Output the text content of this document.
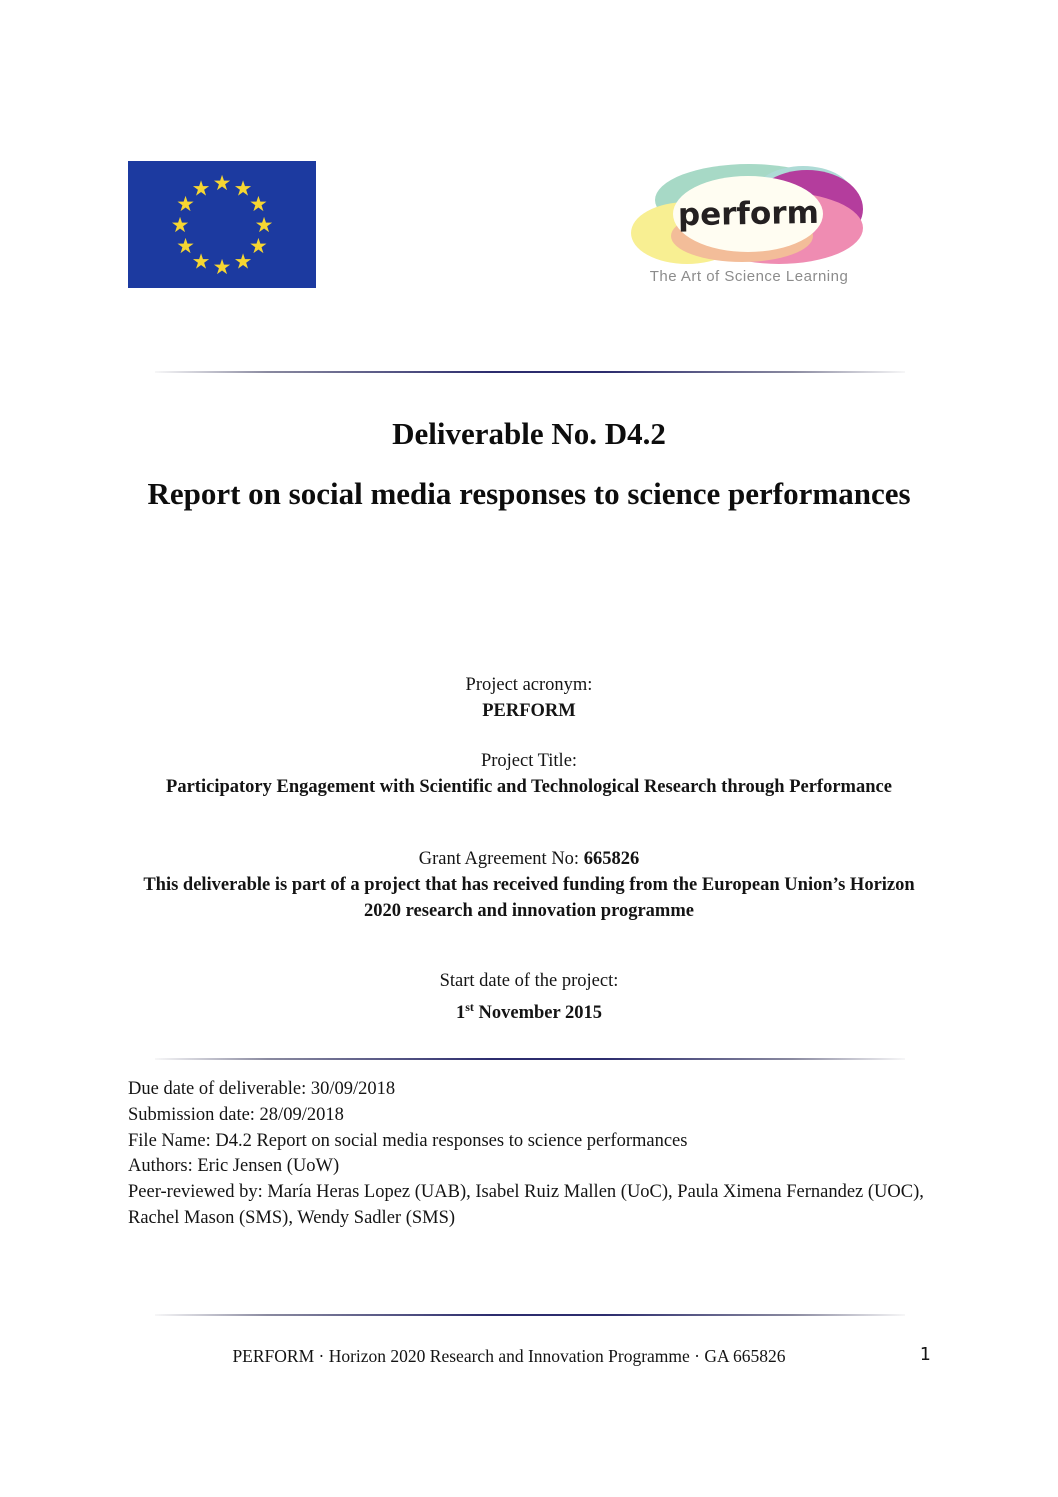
★ ★
★
★
★
★
★
★
★
★
★
★
perform
The Art of Science Learning
Deliverable No. D4.2
Report on social media responses to science performances
Project acronym:
PERFORM
Project Title:
Participatory Engagement with Scientific and Technological Research through Performance
Grant Agreement No: 665826
This deliverable is part of a project that has received funding from the European Union’s Horizon 2020 research and innovation programme
Start date of the project:
1st November 2015
Due date of deliverable: 30/09/2018
Submission date: 28/09/2018
File Name: D4.2 Report on social media responses to science performances
Authors: Eric Jensen (UoW)
Peer-reviewed by: María Heras Lopez (UAB), Isabel Ruiz Mallen (UoC), Paula Ximena Fernandez (UOC), Rachel Mason (SMS), Wendy Sadler (SMS)
PERFORM · Horizon 2020 Research and Innovation Programme · GA 665826	1
